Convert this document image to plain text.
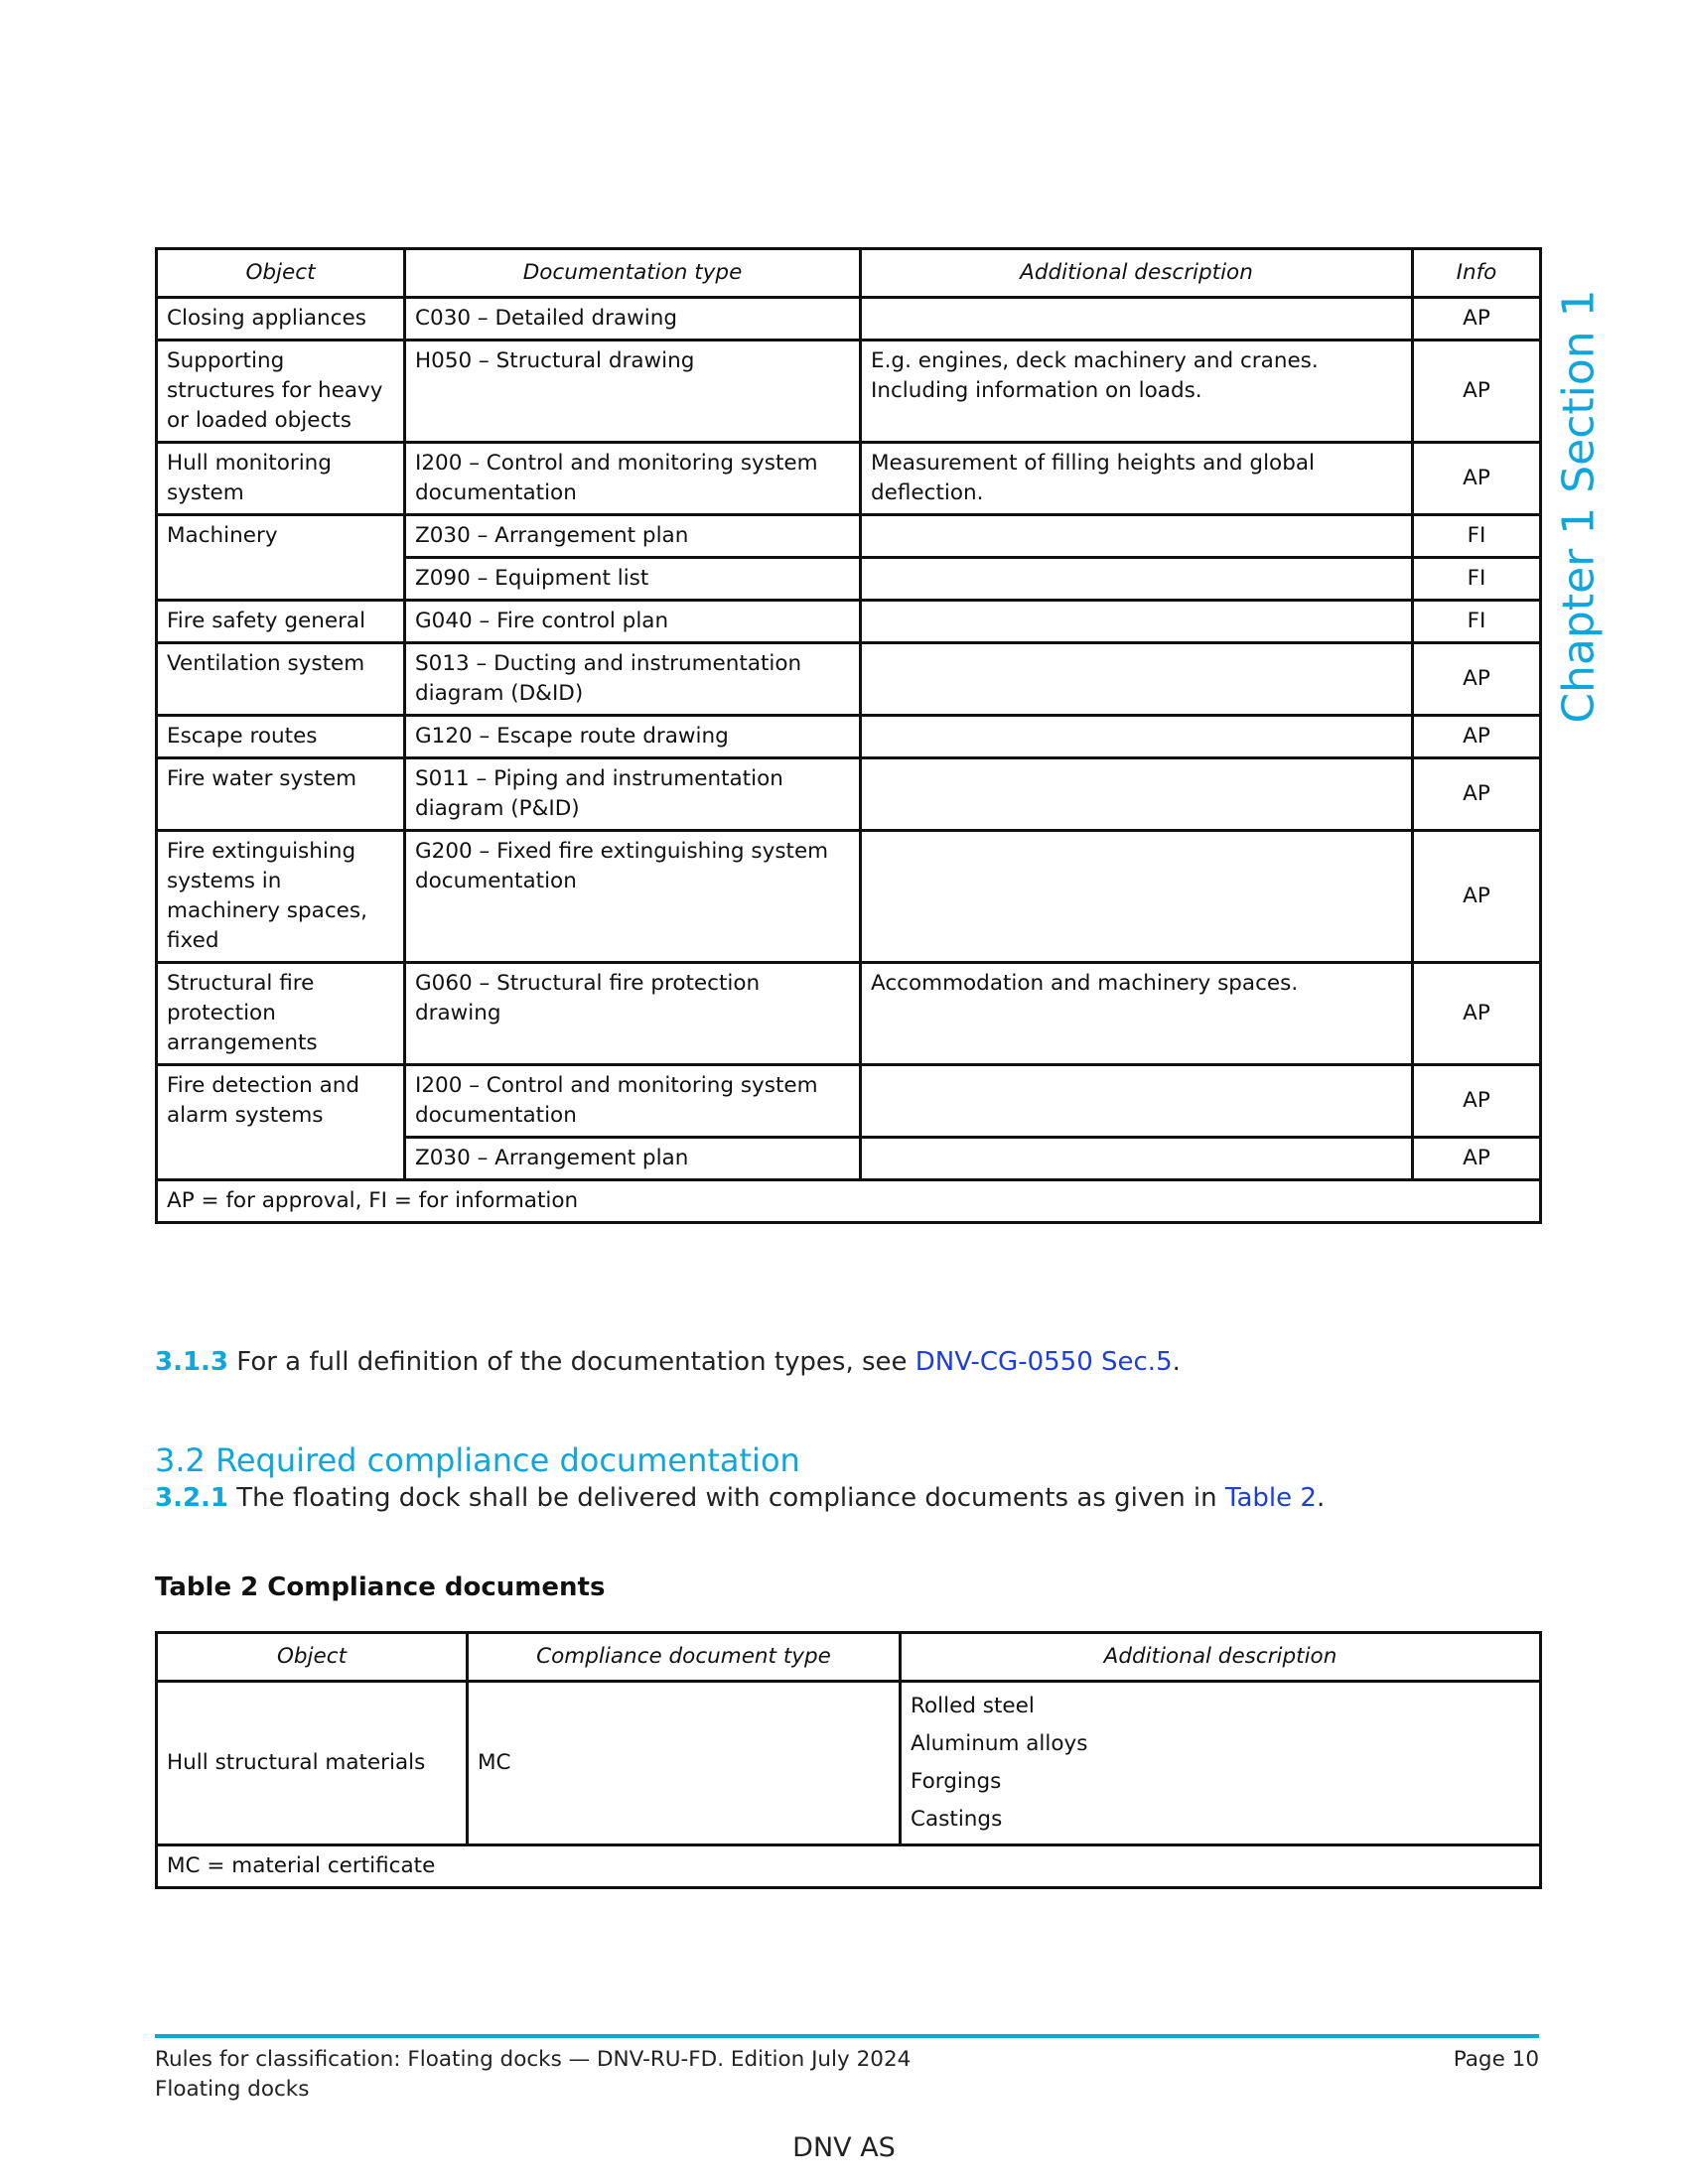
Chapter 1 Section 1
Object	Documentation type	Additional description	Info
Closing appliances	C030 – Detailed drawing		AP
Supporting structures for heavy or loaded objects	H050 – Structural drawing	E.g. engines, deck machinery and cranes. Including information on loads.	AP
Hull monitoring system	I200 – Control and monitoring system documentation	Measurement of filling heights and global deflection.	AP
Machinery	Z030 – Arrangement plan		FI
	Z090 – Equipment list		FI
Fire safety general	G040 – Fire control plan		FI
Ventilation system	S013 – Ducting and instrumentation diagram (D&ID)		AP
Escape routes	G120 – Escape route drawing		AP
Fire water system	S011 – Piping and instrumentation diagram (P&ID)		AP
Fire extinguishing systems in machinery spaces, fixed	G200 – Fixed fire extinguishing system documentation		AP
Structural fire protection arrangements	G060 – Structural fire protection drawing	Accommodation and machinery spaces.	AP
Fire detection and alarm systems	I200 – Control and monitoring system documentation		AP
	Z030 – Arrangement plan		AP
AP = for approval, FI = for information			
3.1.3 For a full definition of the documentation types, see DNV-CG-0550 Sec.5.
3.2 Required compliance documentation
3.2.1 The floating dock shall be delivered with compliance documents as given in Table 2.
Table 2 Compliance documents
Object	Compliance document type	Additional description
Hull structural materials	MC	Rolled steel
Aluminum alloys
Forgings
Castings

MC = material certificate		
Rules for classification: Floating docks — DNV-RU-FD. Edition July 2024
Floating docks
Page 10
DNV AS
